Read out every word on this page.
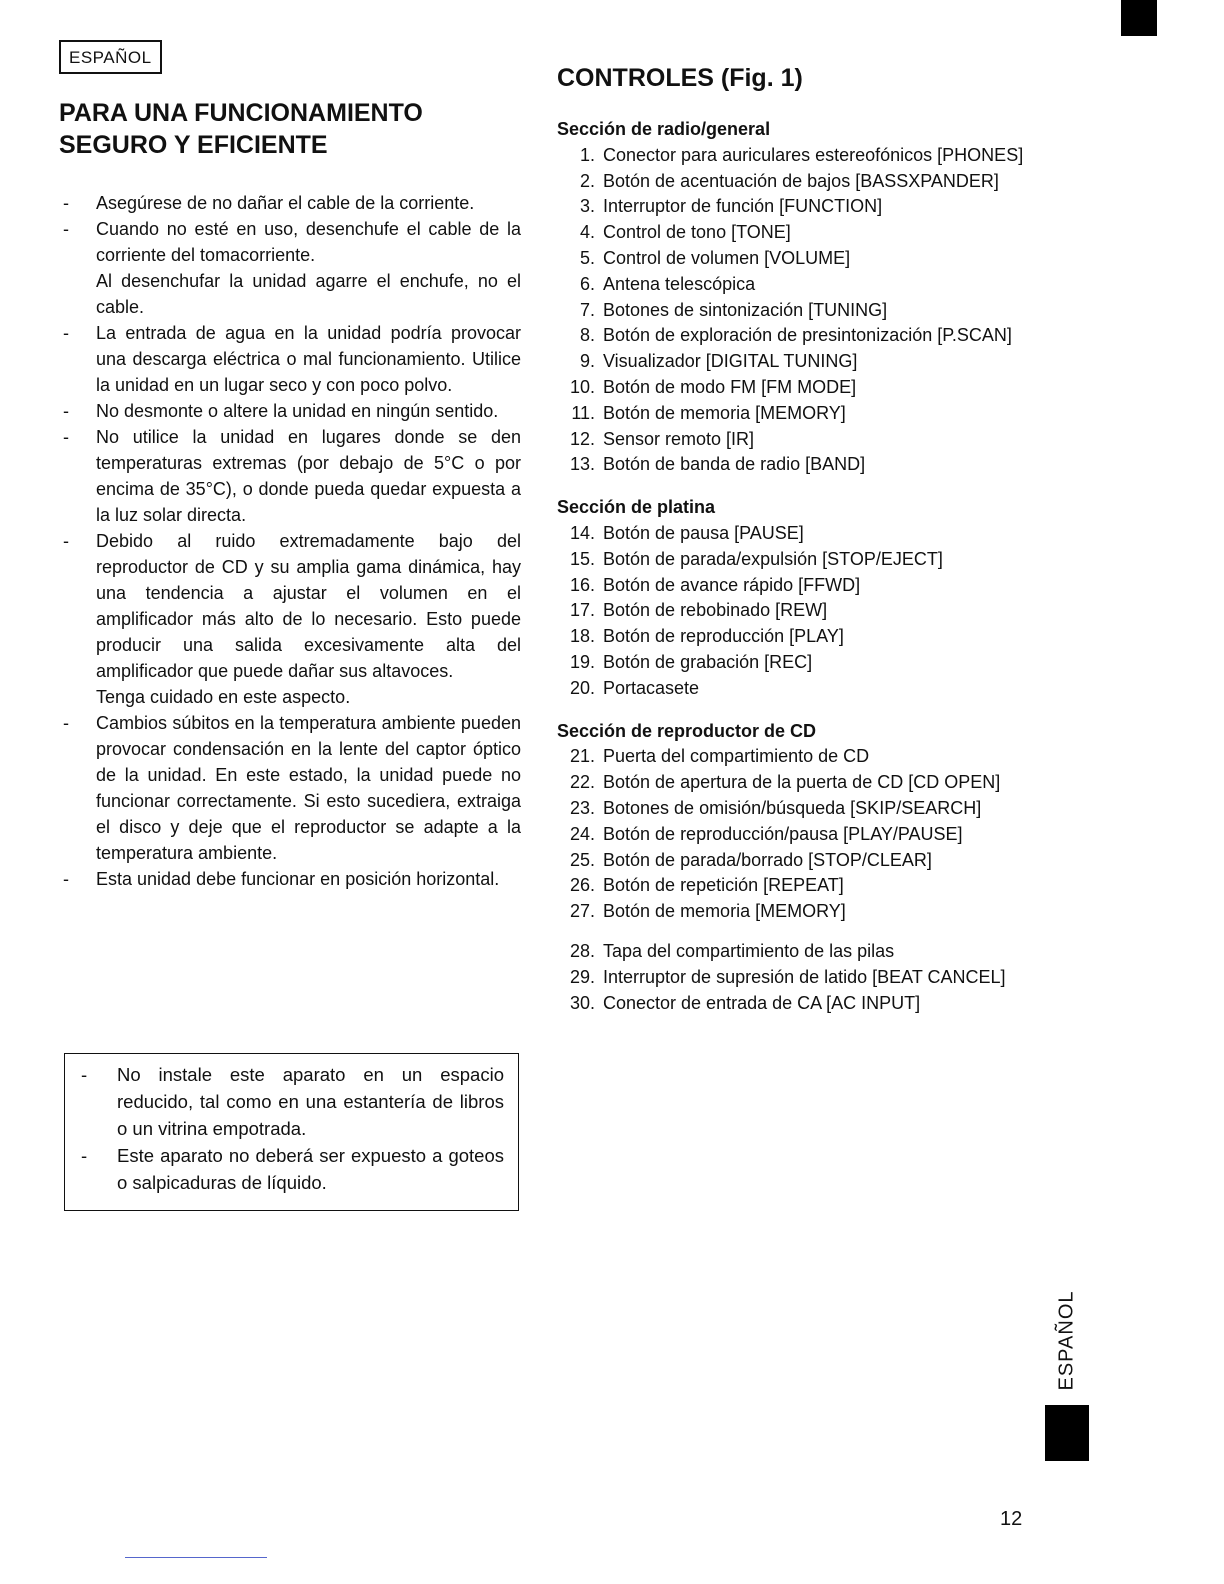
ESPAÑOL
PARA UNA FUNCIONAMIENTO SEGURO Y EFICIENTE
- Asegúrese de no dañar el cable de la corriente.
- Cuando no esté en uso, desenchufe el cable de la corriente del tomacorriente.
Al desenchufar la unidad agarre el enchufe, no el cable.
- La entrada de agua en la unidad podría provocar una descarga eléctrica o mal funcionamiento. Utilice la unidad en un lugar seco y con poco polvo.
- No desmonte o altere la unidad en ningún sentido.
- No utilice la unidad en lugares donde se den temperaturas extremas (por debajo de 5°C o por encima de 35°C), o donde pueda quedar expuesta a la luz solar directa.
- Debido al ruido extremadamente bajo del reproductor de CD y su amplia gama dinámica, hay una tendencia a ajustar el volumen en el amplificador más alto de lo necesario. Esto puede producir una salida excesivamente alta del amplificador que puede dañar sus altavoces.
Tenga cuidado en este aspecto.
- Cambios súbitos en la temperatura ambiente pueden provocar condensación en la lente del captor óptico de la unidad. En este estado, la unidad puede no funcionar correctamente. Si esto sucediera, extraiga el disco y deje que el reproductor se adapte a la temperatura ambiente.
- Esta unidad debe funcionar en posición horizontal.
- No instale este aparato en un espacio reducido, tal como en una estantería de libros o un vitrina empotrada.
- Este aparato no deberá ser expuesto a goteos o salpicaduras de líquido.
CONTROLES (Fig. 1)

Sección de radio/general

1. Conector para auriculares estereofónicos [PHONES]
2. Botón de acentuación de bajos [BASSXPANDER]
3. Interruptor de función [FUNCTION]
4. Control de tono [TONE]
5. Control de volumen [VOLUME]
6. Antena telescópica
7. Botones de sintonización [TUNING]
8. Botón de exploración de presintonización [P.SCAN]
9. Visualizador [DIGITAL TUNING]
10. Botón de modo FM [FM MODE]
11. Botón de memoria [MEMORY]
12. Sensor remoto [IR]
13. Botón de banda de radio [BAND]

Sección de platina

14. Botón de pausa [PAUSE]
15. Botón de parada/expulsión [STOP/EJECT]
16. Botón de avance rápido [FFWD]
17. Botón de rebobinado [REW]
18. Botón de reproducción [PLAY]
19. Botón de grabación [REC]
20. Portacasete

Sección de reproductor de CD

21. Puerta del compartimiento de CD
22. Botón de apertura de la puerta de CD [CD OPEN]
23. Botones de omisión/búsqueda [SKIP/SEARCH]
24. Botón de reproducción/pausa [PLAY/PAUSE]
25. Botón de parada/borrado [STOP/CLEAR]
26. Botón de repetición [REPEAT]
27. Botón de memoria [MEMORY]
28. Tapa del compartimiento de las pilas
29. Interruptor de supresión de latido [BEAT CANCEL]
30. Conector de entrada de CA [AC INPUT]
ESPAÑOL
12
